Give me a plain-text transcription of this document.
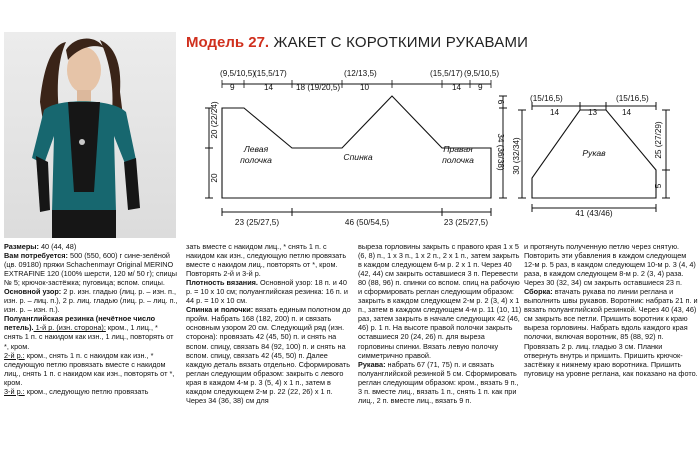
Модель 27. ЖАКЕТ С КОРОТКИМИ РУКАВАМИ
(9,5/10,5)
(15,5/17)
9	14	18 (19/20,5)
(12/13,5)
10
(15,5/17) (9,5/10,5)
14 9
20 (22/24)
20
6
34 (36/38)
23 (25/27,5)	46 (50/54,5)	23 (25/27,5)
Левая
полочка	Спинка
Правая
полочка
(15/16,5)
14	13	14
(15/16,5)
30 (32/34)	25 (27/29)
5
41 (43/46)
Рукав

Размеры: 40 (44, 48)

Вам потребуется: 500 (550, 600) г сине-зелёной (цв. 09180) пряжи Schachenmayr Original MERINO EXTRAFINE 120 (100% шерсти, 120 м/ 50 г); спицы № 5; крючок-застёжка; пуговица; вспом. спицы.

Основной узор: 2 р. изн. гладью (лиц. р. – изн. п., изн. р. – лиц. п.), 2 р. лиц. гладью (лиц. р. – лиц. п., изн. р. – изн. п.).

Полуанглийская резинка (нечётное число петель). 1-й р. (изн. сторона): кром., 1 лиц., * снять 1 п. с накидом как изн., 1 лиц., повторять от *, кром.

2-й р.: кром., снять 1 п. с накидом как изн., * следующую петлю провязать вместе с накидом лиц., снять 1 п. с накидом как изн., повторять от *, кром.

3-й р.: кром., следующую петлю провязать

зать вместе с накидом лиц., * снять 1 п. с накидом как изн., следующую петлю провязать вместе с накидом лиц., повторять от *, кром. Повторять 2-й и 3-й р.

Плотность вязания. Основной узор: 18 п. и 40 р. = 10 х 10 см; полуанглийская резинка: 16 п. и 44 р. = 10 х 10 см.

Спинка и полочки: вязать единым полотном до пройм. Набрать 168 (182, 200) п. и связать основным узором 20 см. Следующий ряд (изн. сторона): провязать 42 (45, 50) п. и снять на вспом. спицу, связать 84 (92, 100) п. и снять на вспом. спицу, связать 42 (45, 50) п. Далее каждую деталь вязать отдельно. Сформировать реглан следующим образом: закрыть с левого края в каждом 4-м р. 3 (5, 4) х 1 п., затем в каждом следующем 2-м р. 22 (22, 26) х 1 п. Через 34 (36, 38) см для

выреза горловины закрыть с правого края 1 х 5 (6, 8) п., 1 х 3 п., 1 х 2 п., 2 х 1 п., затем закрыть в каждом следующем 6-м р. 2 х 1 п. Через 40 (42, 44) см закрыть оставшиеся 3 п. Перевести 80 (88, 96) п. спинки со вспом. спиц на рабочую и сформировать реглан следующим образом: закрыть в каждом следующем 2-м р. 2 (3, 4) х 1 п., затем в каждом следующем 4-м р. 11 (10, 11) раз, затем закрыть в начале следующих 42 (46, 46) р. 1 п. На высоте правой полочки закрыть оставшиеся 20 (24, 26) п. для выреза горловины спинки. Вязать левую полочку симметрично правой.

Рукава: набрать 67 (71, 75) п. и связать полуанглийской резинкой 5 см. Сформировать реглан следующим образом: кром., вязать 9 п., 3 п. вместе лиц., вязать 1 п., снять 1 п. как при лиц., 2 п. вместе лиц., вязать 9 п.

и протянуть полученную петлю через снятую. Повторить эти убавления в каждом следующем 12-м р. 5 раз, в каждом следующем 10-м р. 3 (4, 4) раза, в каждом следующем 8-м р. 2 (3, 4) раза. Через 30 (32, 34) см закрыть оставшиеся 23 п.

Сборка: втачать рукава по линии реглана и выполнить швы рукавов. Воротник: набрать 21 п. и вязать полуанглийской резинкой. Через 40 (43, 46) см закрыть все петли. Пришить воротник к краю выреза горловины. Набрать вдоль каждого края полочки, включая воротник, 85 (88, 92) п. Провязать 2 р. лиц. гладью 3 см. Планки отвернуть внутрь и пришить. Пришить крючок-застёжку к нижнему краю воротника. Пришить пуговицу на уровне реглана, как показано на фото.
